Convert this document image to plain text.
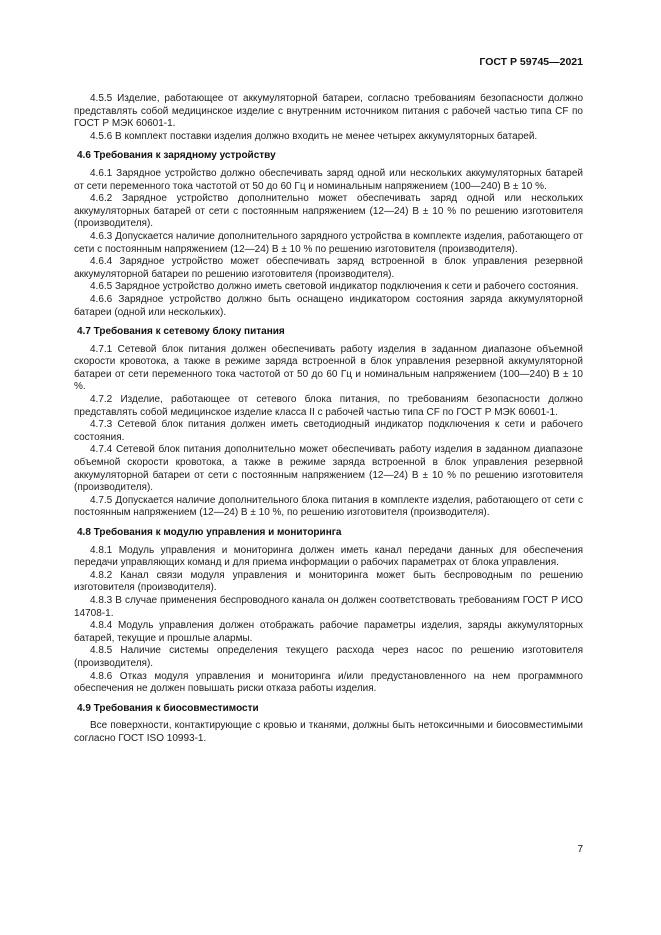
ГОСТ Р 59745—2021

4.5.5 Изделие, работающее от аккумуляторной батареи, согласно требованиям безопасности должно представлять собой медицинское изделие с внутренним источником питания с рабочей частью типа CF по ГОСТ Р МЭК 60601-1.

4.5.6 В комплект поставки изделия должно входить не менее четырех аккумуляторных батарей.

4.6 Требования к зарядному устройству

4.6.1 Зарядное устройство должно обеспечивать заряд одной или нескольких аккумуляторных батарей от сети переменного тока частотой от 50 до 60 Гц и номинальным напряжением (100—240) В ± 10 %.

4.6.2 Зарядное устройство дополнительно может обеспечивать заряд одной или нескольких аккумуляторных батарей от сети с постоянным напряжением (12—24) В ± 10 % по решению изготовителя (производителя).

4.6.3 Допускается наличие дополнительного зарядного устройства в комплекте изделия, работающего от сети с постоянным напряжением (12—24) В ± 10 % по решению изготовителя (производителя).

4.6.4 Зарядное устройство может обеспечивать заряд встроенной в блок управления резервной аккумуляторной батареи по решению изготовителя (производителя).

4.6.5 Зарядное устройство должно иметь световой индикатор подключения к сети и рабочего состояния.

4.6.6 Зарядное устройство должно быть оснащено индикатором состояния заряда аккумуляторной батареи (одной или нескольких).

4.7 Требования к сетевому блоку питания

4.7.1 Сетевой блок питания должен обеспечивать работу изделия в заданном диапазоне объемной скорости кровотока, а также в режиме заряда встроенной в блок управления резервной аккумуляторной батареи от сети переменного тока частотой от 50 до 60 Гц и номинальным напряжением (100—240) В ± 10 %.

4.7.2 Изделие, работающее от сетевого блока питания, по требованиям безопасности должно представлять собой медицинское изделие класса II с рабочей частью типа CF по ГОСТ Р МЭК 60601-1.

4.7.3 Сетевой блок питания должен иметь светодиодный индикатор подключения к сети и рабочего состояния.

4.7.4 Сетевой блок питания дополнительно может обеспечивать работу изделия в заданном диапазоне объемной скорости кровотока, а также в режиме заряда встроенной в блок управления резервной аккумуляторной батареи от сети с постоянным напряжением (12—24) В ± 10 % по решению изготовителя (производителя).

4.7.5 Допускается наличие дополнительного блока питания в комплекте изделия, работающего от сети с постоянным напряжением (12—24) В ± 10 %, по решению изготовителя (производителя).

4.8 Требования к модулю управления и мониторинга

4.8.1 Модуль управления и мониторинга должен иметь канал передачи данных для обеспечения передачи управляющих команд и для приема информации о рабочих параметрах от блока управления.

4.8.2 Канал связи модуля управления и мониторинга может быть беспроводным по решению изготовителя (производителя).

4.8.3 В случае применения беспроводного канала он должен соответствовать требованиям ГОСТ Р ИСО 14708-1.

4.8.4 Модуль управления должен отображать рабочие параметры изделия, заряды аккумуляторных батарей, текущие и прошлые алармы.

4.8.5 Наличие системы определения текущего расхода через насос по решению изготовителя (производителя).

4.8.6 Отказ модуля управления и мониторинга и/или предустановленного на нем программного обеспечения не должен повышать риски отказа работы изделия.

4.9 Требования к биосовместимости

Все поверхности, контактирующие с кровью и тканями, должны быть нетоксичными и биосовместимыми согласно ГОСТ ISO 10993-1.

7
